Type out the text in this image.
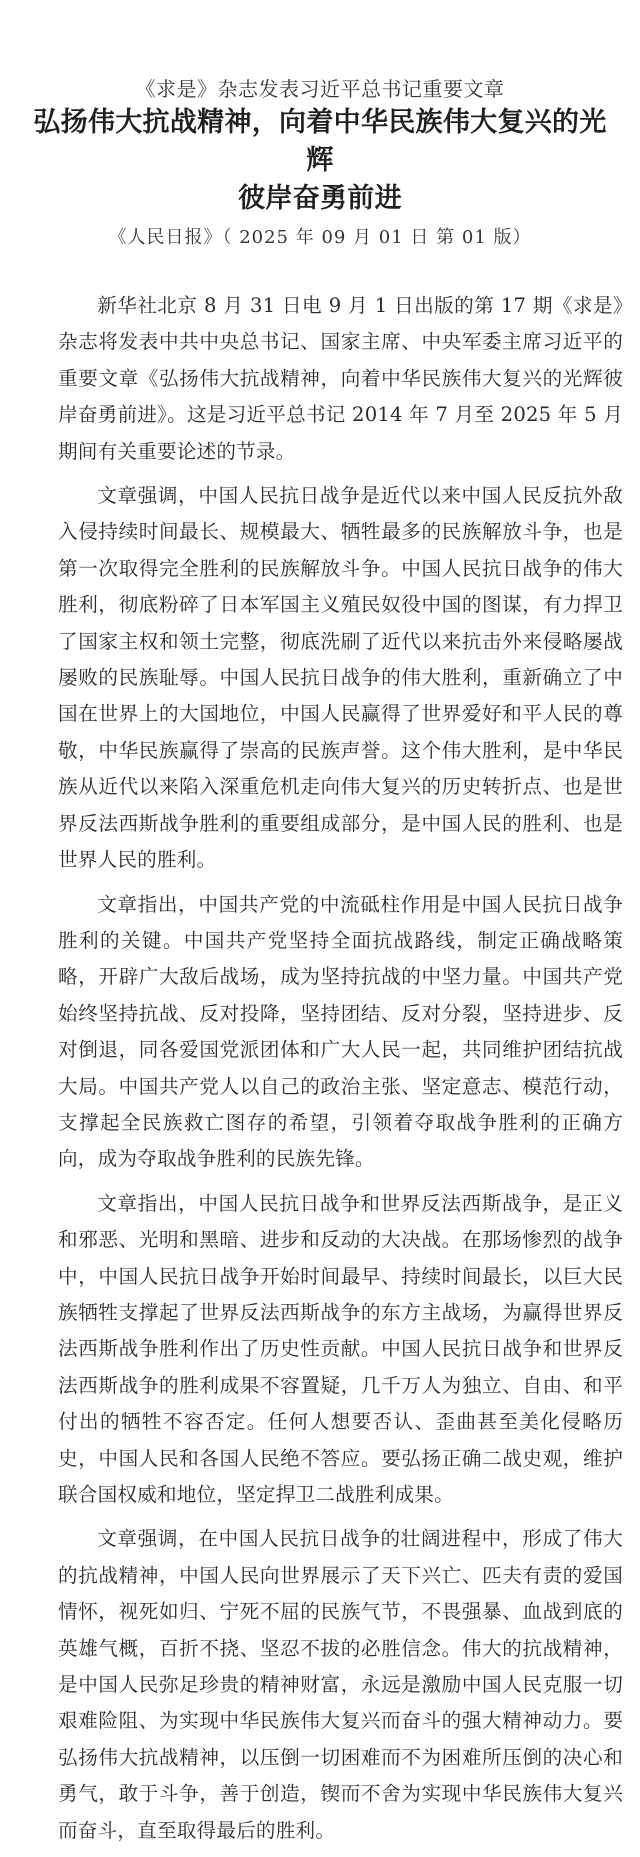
《求是》杂志发表习近平总书记重要文章
弘扬伟大抗战精神，向着中华民族伟大复兴的光辉
彼岸奋勇前进
《人民日报》（ 2025 年 09 月 01 日 第 01 版）

新华社北京 8 月 31 日电 9 月 1 日出版的第 17 期《求是》杂志将发表中共中央总书记、国家主席、中央军委主席习近平的重要文章《弘扬伟大抗战精神，向着中华民族伟大复兴的光辉彼岸奋勇前进》。这是习近平总书记 2014 年 7 月至 2025 年 5 月期间有关重要论述的节录。

文章强调，中国人民抗日战争是近代以来中国人民反抗外敌入侵持续时间最长、规模最大、牺牲最多的民族解放斗争，也是第一次取得完全胜利的民族解放斗争。中国人民抗日战争的伟大胜利，彻底粉碎了日本军国主义殖民奴役中国的图谋，有力捍卫了国家主权和领土完整，彻底洗刷了近代以来抗击外来侵略屡战屡败的民族耻辱。中国人民抗日战争的伟大胜利，重新确立了中国在世界上的大国地位，中国人民赢得了世界爱好和平人民的尊敬，中华民族赢得了崇高的民族声誉。这个伟大胜利，是中华民族从近代以来陷入深重危机走向伟大复兴的历史转折点、也是世界反法西斯战争胜利的重要组成部分，是中国人民的胜利、也是世界人民的胜利。

文章指出，中国共产党的中流砥柱作用是中国人民抗日战争胜利的关键。中国共产党坚持全面抗战路线，制定正确战略策略，开辟广大敌后战场，成为坚持抗战的中坚力量。中国共产党始终坚持抗战、反对投降，坚持团结、反对分裂，坚持进步、反对倒退，同各爱国党派团体和广大人民一起，共同维护团结抗战大局。中国共产党人以自己的政治主张、坚定意志、模范行动，支撑起全民族救亡图存的希望，引领着夺取战争胜利的正确方向，成为夺取战争胜利的民族先锋。

文章指出，中国人民抗日战争和世界反法西斯战争，是正义和邪恶、光明和黑暗、进步和反动的大决战。在那场惨烈的战争中，中国人民抗日战争开始时间最早、持续时间最长，以巨大民族牺牲支撑起了世界反法西斯战争的东方主战场，为赢得世界反法西斯战争胜利作出了历史性贡献。中国人民抗日战争和世界反法西斯战争的胜利成果不容置疑，几千万人为独立、自由、和平付出的牺牲不容否定。任何人想要否认、歪曲甚至美化侵略历史，中国人民和各国人民绝不答应。要弘扬正确二战史观，维护联合国权威和地位，坚定捍卫二战胜利成果。

文章强调，在中国人民抗日战争的壮阔进程中，形成了伟大的抗战精神，中国人民向世界展示了天下兴亡、匹夫有责的爱国情怀，视死如归、宁死不屈的民族气节，不畏强暴、血战到底的英雄气概，百折不挠、坚忍不拔的必胜信念。伟大的抗战精神，是中国人民弥足珍贵的精神财富，永远是激励中国人民克服一切艰难险阻、为实现中华民族伟大复兴而奋斗的强大精神动力。要弘扬伟大抗战精神，以压倒一切困难而不为困难所压倒的决心和勇气，敢于斗争，善于创造，锲而不舍为实现中华民族伟大复兴而奋斗，直至取得最后的胜利。
